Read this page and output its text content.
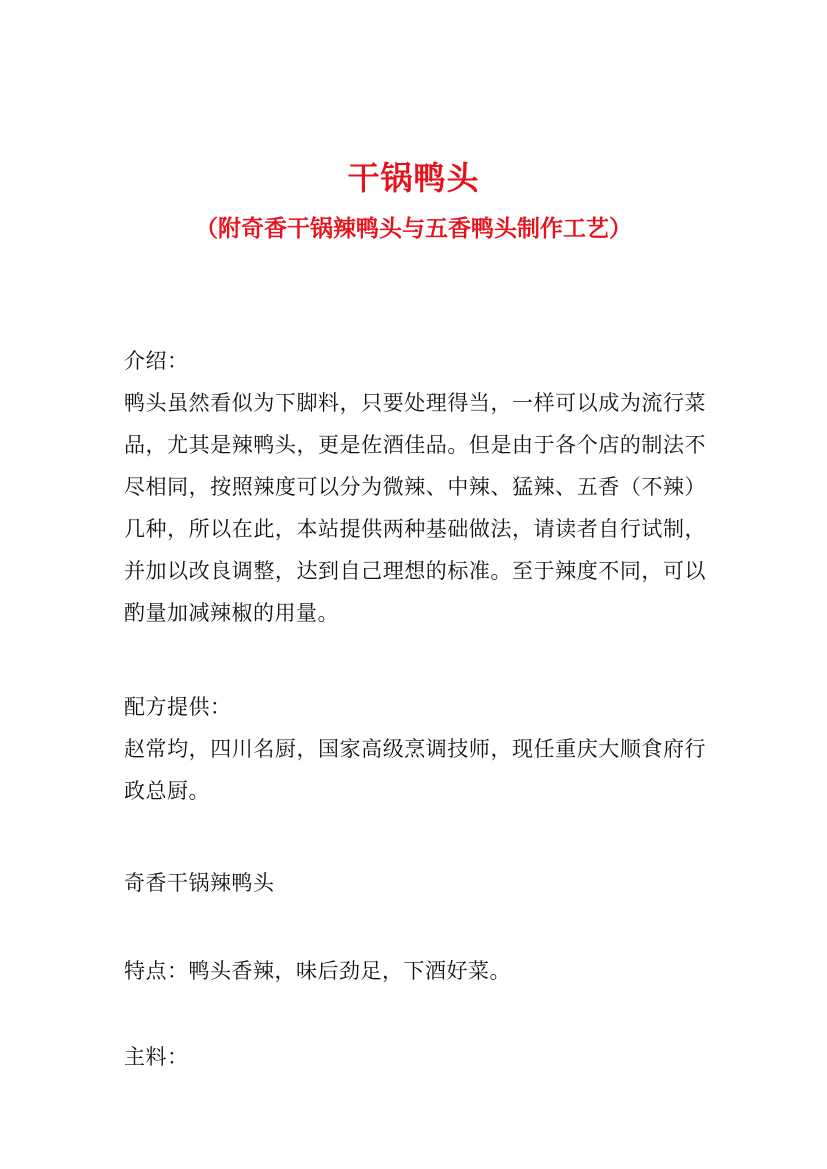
干锅鸭头
（附奇香干锅辣鸭头与五香鸭头制作工艺）

介绍：

鸭头虽然看似为下脚料，只要处理得当，一样可以成为流行菜品，尤其是辣鸭头，更是佐酒佳品。但是由于各个店的制法不尽相同，按照辣度可以分为微辣、中辣、猛辣、五香（不辣）几种，所以在此，本站提供两种基础做法，请读者自行试制，并加以改良调整，达到自己理想的标准。至于辣度不同，可以酌量加减辣椒的用量。

配方提供：

赵常均，四川名厨，国家高级烹调技师，现任重庆大顺食府行政总厨。

奇香干锅辣鸭头

特点：鸭头香辣，味后劲足，下酒好菜。

主料：
